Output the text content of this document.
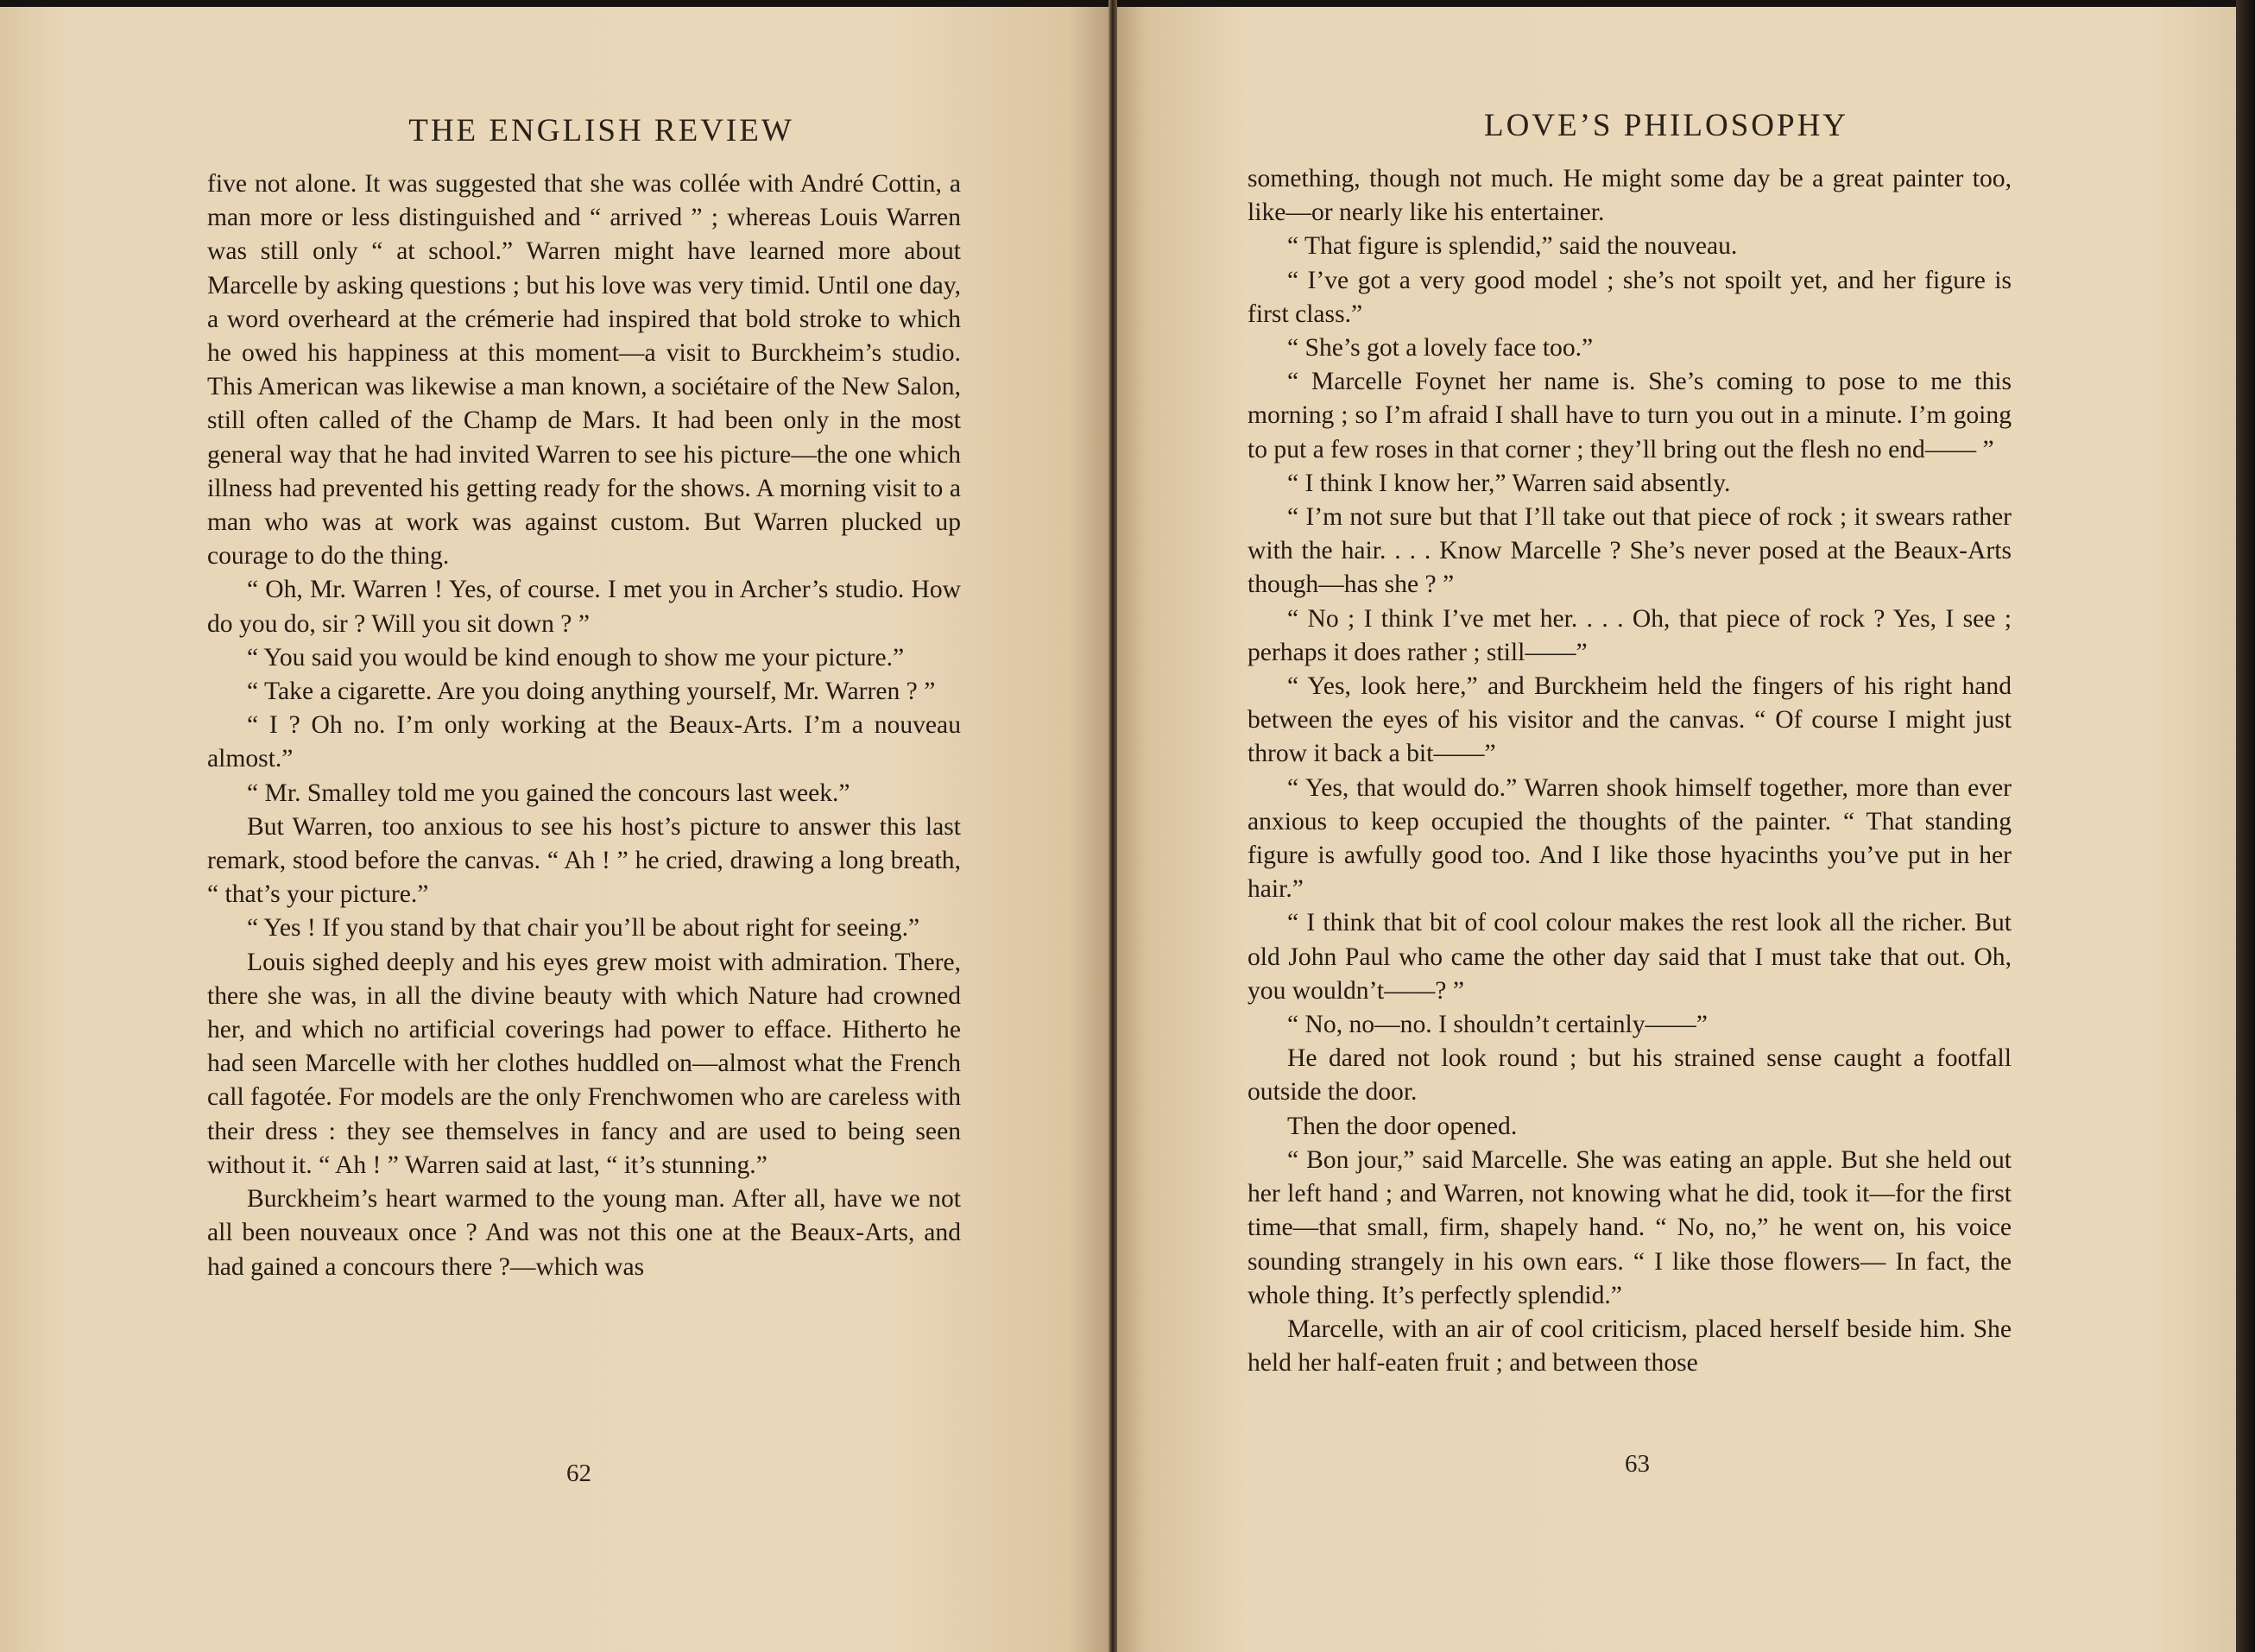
THE ENGLISH REVIEW

five not alone. It was suggested that she was collée with André Cottin, a man more or less distinguished and “ arrived ” ; whereas Louis Warren was still only “ at school.” Warren might have learned more about Marcelle by asking questions ; but his love was very timid. Until one day, a word overheard at the crémerie had inspired that bold stroke to which he owed his happiness at this moment—a visit to Burckheim’s studio. This American was likewise a man known, a sociétaire of the New Salon, still often called of the Champ de Mars. It had been only in the most general way that he had invited Warren to see his picture—the one which illness had prevented his getting ready for the shows. A morning visit to a man who was at work was against custom. But Warren plucked up courage to do the thing.

“ Oh, Mr. Warren ! Yes, of course. I met you in Archer’s studio. How do you do, sir ? Will you sit down ? ”

“ You said you would be kind enough to show me your picture.”

“ Take a cigarette. Are you doing anything yourself, Mr. Warren ? ”

“ I ? Oh no. I’m only working at the Beaux-Arts. I’m a nouveau almost.”

“ Mr. Smalley told me you gained the concours last week.”

But Warren, too anxious to see his host’s picture to answer this last remark, stood before the canvas. “ Ah ! ” he cried, drawing a long breath, “ that’s your picture.”

“ Yes ! If you stand by that chair you’ll be about right for seeing.”

Louis sighed deeply and his eyes grew moist with admiration. There, there she was, in all the divine beauty with which Nature had crowned her, and which no artificial coverings had power to efface. Hitherto he had seen Marcelle with her clothes huddled on—almost what the French call fagotée. For models are the only Frenchwomen who are careless with their dress : they see themselves in fancy and are used to being seen without it. “ Ah ! ” Warren said at last, “ it’s stunning.”

Burckheim’s heart warmed to the young man. After all, have we not all been nouveaux once ? And was not this one at the Beaux-Arts, and had gained a concours there ?—which was

62
LOVE’S PHILOSOPHY

something, though not much. He might some day be a great painter too, like—or nearly like his entertainer.

“ That figure is splendid,” said the nouveau.

“ I’ve got a very good model ; she’s not spoilt yet, and her figure is first class.”

“ She’s got a lovely face too.”

“ Marcelle Foynet her name is. She’s coming to pose to me this morning ; so I’m afraid I shall have to turn you out in a minute. I’m going to put a few roses in that corner ; they’ll bring out the flesh no end—— ”

“ I think I know her,” Warren said absently.

“ I’m not sure but that I’ll take out that piece of rock ; it swears rather with the hair. . . . Know Marcelle ? She’s never posed at the Beaux-Arts though—has she ? ”

“ No ; I think I’ve met her. . . . Oh, that piece of rock ? Yes, I see ; perhaps it does rather ; still——”

“ Yes, look here,” and Burckheim held the fingers of his right hand between the eyes of his visitor and the canvas. “ Of course I might just throw it back a bit——”

“ Yes, that would do.” Warren shook himself together, more than ever anxious to keep occupied the thoughts of the painter. “ That standing figure is awfully good too. And I like those hyacinths you’ve put in her hair.”

“ I think that bit of cool colour makes the rest look all the richer. But old John Paul who came the other day said that I must take that out. Oh, you wouldn’t——? ”

“ No, no—no. I shouldn’t certainly——”

He dared not look round ; but his strained sense caught a footfall outside the door.

Then the door opened.

“ Bon jour,” said Marcelle. She was eating an apple. But she held out her left hand ; and Warren, not knowing what he did, took it—for the first time—that small, firm, shapely hand. “ No, no,” he went on, his voice sounding strangely in his own ears. “ I like those flowers— In fact, the whole thing. It’s perfectly splendid.”

Marcelle, with an air of cool criticism, placed herself beside him. She held her half-eaten fruit ; and between those

63
